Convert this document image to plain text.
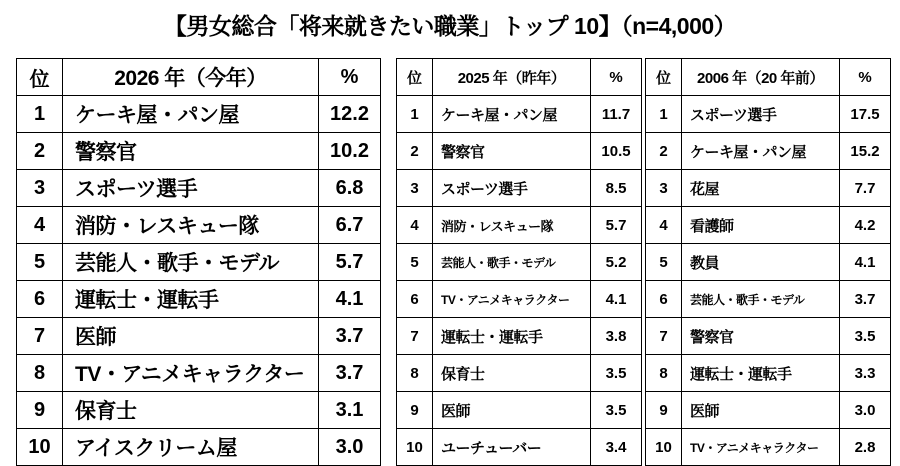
【男女総合「将来就きたい職業」トップ 10】（n=4,000）
位	2026 年（今年）	%
1	ケーキ屋・パン屋	12.2
2	警察官	10.2
3	スポーツ選手	6.8
4	消防・レスキュー隊	6.7
5	芸能人・歌手・モデル	5.7
6	運転士・運転手	4.1
7	医師	3.7
8	TV・アニメキャラクター	3.7
9	保育士	3.1
10	アイスクリーム屋	3.0
位	2025 年（昨年）	%
1	ケーキ屋・パン屋	11.7
2	警察官	10.5
3	スポーツ選手	8.5
4	消防・レスキュー隊	5.7
5	芸能人・歌手・モデル	5.2
6	TV・アニメキャラクター	4.1
7	運転士・運転手	3.8
8	保育士	3.5
9	医師	3.5
10	ユーチューバー	3.4
位	2006 年（20 年前）	%
1	スポーツ選手	17.5
2	ケーキ屋・パン屋	15.2
3	花屋	7.7
4	看護師	4.2
5	教員	4.1
6	芸能人・歌手・モデル	3.7
7	警察官	3.5
8	運転士・運転手	3.3
9	医師	3.0
10	TV・アニメキャラクター	2.8
